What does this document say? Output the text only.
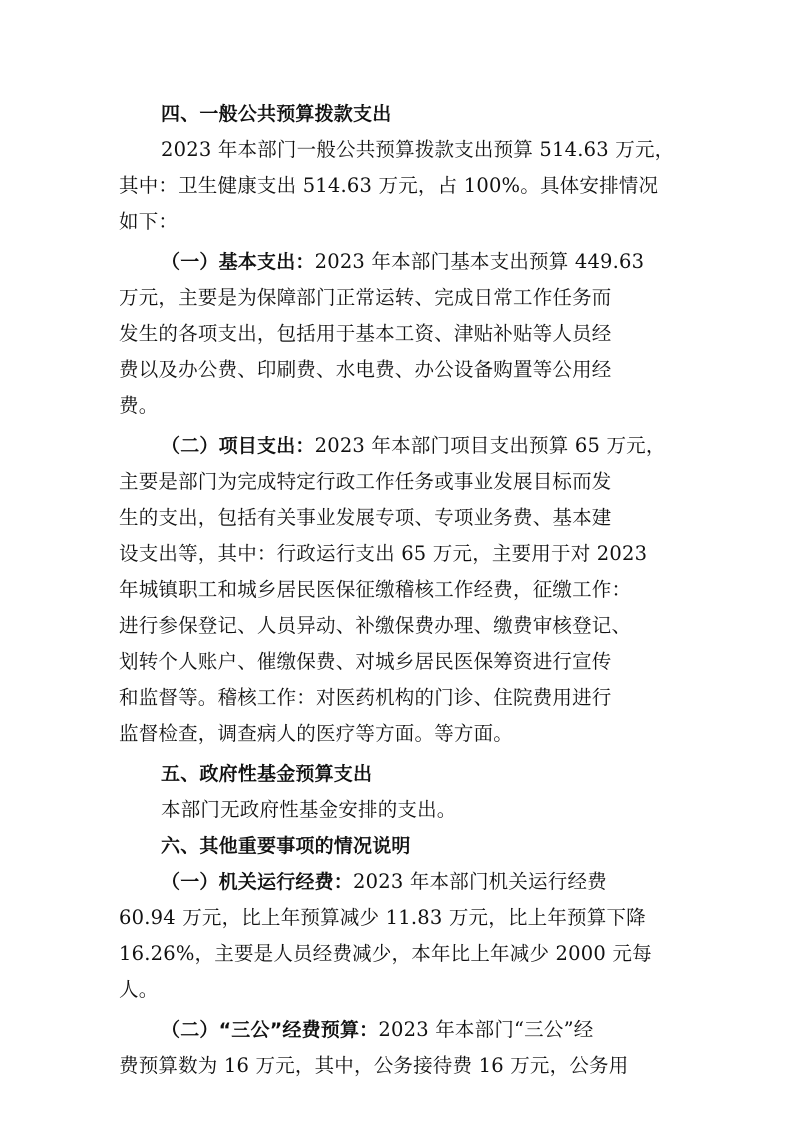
四、一般公共预算拨款支出
2023 年本部门一般公共预算拨款支出预算 514.63 万元，
其中：卫生健康支出 514.63 万元，占 100%。具体安排情况
如下：
（一）基本支出：2023 年本部门基本支出预算 449.63
万元，主要是为保障部门正常运转、完成日常工作任务而
发生的各项支出，包括用于基本工资、津贴补贴等人员经
费以及办公费、印刷费、水电费、办公设备购置等公用经
费。
（二）项目支出：2023 年本部门项目支出预算 65 万元，
主要是部门为完成特定行政工作任务或事业发展目标而发
生的支出，包括有关事业发展专项、专项业务费、基本建
设支出等，其中：行政运行支出 65 万元，主要用于对 2023
年城镇职工和城乡居民医保征缴稽核工作经费，征缴工作：
进行参保登记、人员异动、补缴保费办理、缴费审核登记、
划转个人账户、催缴保费、对城乡居民医保筹资进行宣传
和监督等。稽核工作：对医药机构的门诊、住院费用进行
监督检查，调查病人的医疗等方面。等方面。
五、政府性基金预算支出
本部门无政府性基金安排的支出。
六、其他重要事项的情况说明
（一）机关运行经费：2023 年本部门机关运行经费
60.94 万元，比上年预算减少 11.83 万元，比上年预算下降
16.26%，主要是人员经费减少，本年比上年减少 2000 元每
人。
（二）“三公”经费预算：2023 年本部门“三公”经
费预算数为 16 万元，其中，公务接待费 16 万元，公务用
